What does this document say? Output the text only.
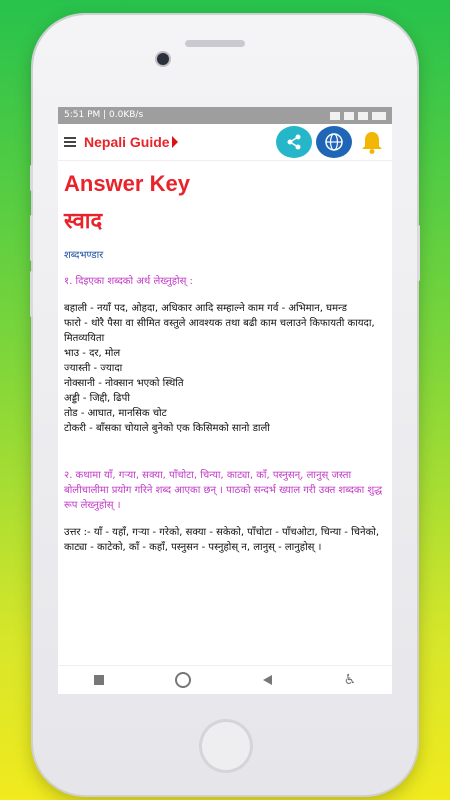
5:51 PM | 0.0KB/s
Nepali Guide
Answer Key
स्वाद
शब्दभण्डार
१. दिइएका शब्दको अर्थ लेख्नुहोस् :
बहाली - नयाँ पद, ओहदा, अधिकार आदि सम्हाल्ने काम गर्व - अभिमान, घमन्ड
फारो - थोरै पैसा वा सीमित वस्तुले आवश्यक तथा बढी काम चलाउने किफायती कायदा, मितव्ययिता
भाउ - दर, मोल
ज्यास्ती - ज्यादा
नोक्सानी - नोक्सान भएको स्थिति
अड्डी - जिद्दी, ढिपी
तोड - आघात, मानसिक चोट
टोकरी - बाँसका चोयाले बुनेको एक किसिमको सानो डाली
२. कथामा याँ, गऱ्या, सक्या, पाँचोटा, चिन्या, काट्या, काँ, पस्नुसन्, लानुस् जस्ता बोलीचालीमा प्रयोग गरिने शब्द आएका छन् । पाठको सन्दर्भ ख्याल गरी उक्त शब्दका शुद्ध रूप लेख्नुहोस् ।
उत्तर :- याँ - यहाँ, गऱ्या - गरेको, सक्या - सकेको, पाँचोटा - पाँचओटा, चिन्या - चिनेको, काट्या - काटेको, काँ - कहाँ, पस्नुसन - पस्नुहोस् न, लानुस् - लानुहोस् ।
♿
